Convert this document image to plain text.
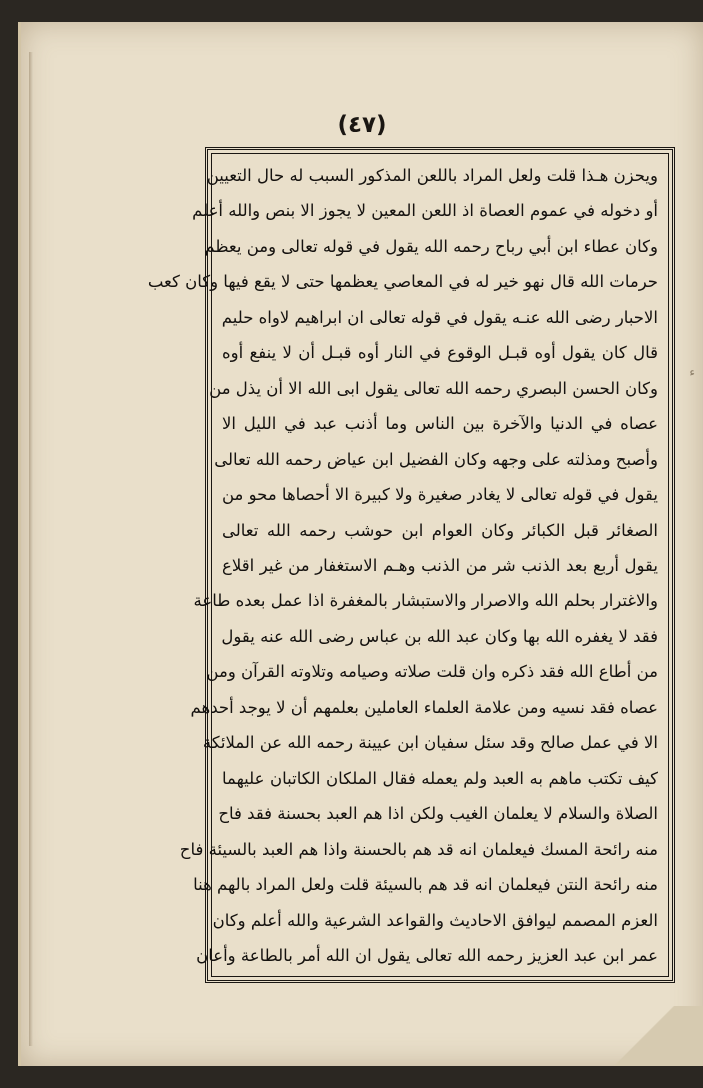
(٤٧)
ء
ويحزن هـذا قلت ولعل المراد باللعن المذكور السبب له حال التعيين
أو دخوله في عموم العصاة اذ اللعن المعين لا يجوز الا بنص والله أعلم
وكان عطاء ابن أبي رباح رحمه الله يقول في قوله تعالى ومن يعظم
حرمات الله قال نهو خير له في المعاصي يعظمها حتى لا يقع فيها وكان كعب
الاحبار رضى الله عنـه يقول في قوله تعالى ان ابراهيم لاواه حليم
قال كان يقول أوه قبـل الوقوع في النار أوه قبـل أن لا ينفع أوه
وكان الحسن البصري رحمه الله تعالى يقول ابى الله الا أن يذل من
عصاه في الدنيا والآخرة بين الناس وما أذنب عبد في الليل الا
وأصبح ومذلته على وجهه وكان الفضيل ابن عياض رحمه الله تعالى
يقول في قوله تعالى لا يغادر صغيرة ولا كبيرة الا أحصاها محو من
الصغائر قبل الكبائر وكان العوام ابن حوشب رحمه الله تعالى
يقول أربع بعد الذنب شر من الذنب وهـم الاستغفار من غير اقلاع
والاغترار بحلم الله والاصرار والاستبشار بالمغفرة اذا عمل بعده طاعة
فقد لا يغفره الله بها وكان عبد الله بن عباس رضى الله عنه يقول
من أطاع الله فقد ذكره وان قلت صلاته وصيامه وتلاوته القرآن ومن
عصاه فقد نسيه ومن علامة العلماء العاملين بعلمهم أن لا يوجد أحدهم
الا في عمل صالح وقد سئل سفيان ابن عيينة رحمه الله عن الملائكة
كيف تكتب ماهم به العبد ولم يعمله فقال الملكان الكاتبان عليهما
الصلاة والسلام لا يعلمان الغيب ولكن اذا هم العبد بحسنة فقد فاح
منه رائحة المسك فيعلمان انه قد هم بالحسنة واذا هم العبد بالسيئة فاح
منه رائحة النتن فيعلمان انه قد هم بالسيئة قلت ولعل المراد بالهم هنا
العزم المصمم ليوافق الاحاديث والقواعد الشرعية والله أعلم وكان
عمر ابن عبد العزيز رحمه الله تعالى يقول ان الله أمر بالطاعة وأعان
